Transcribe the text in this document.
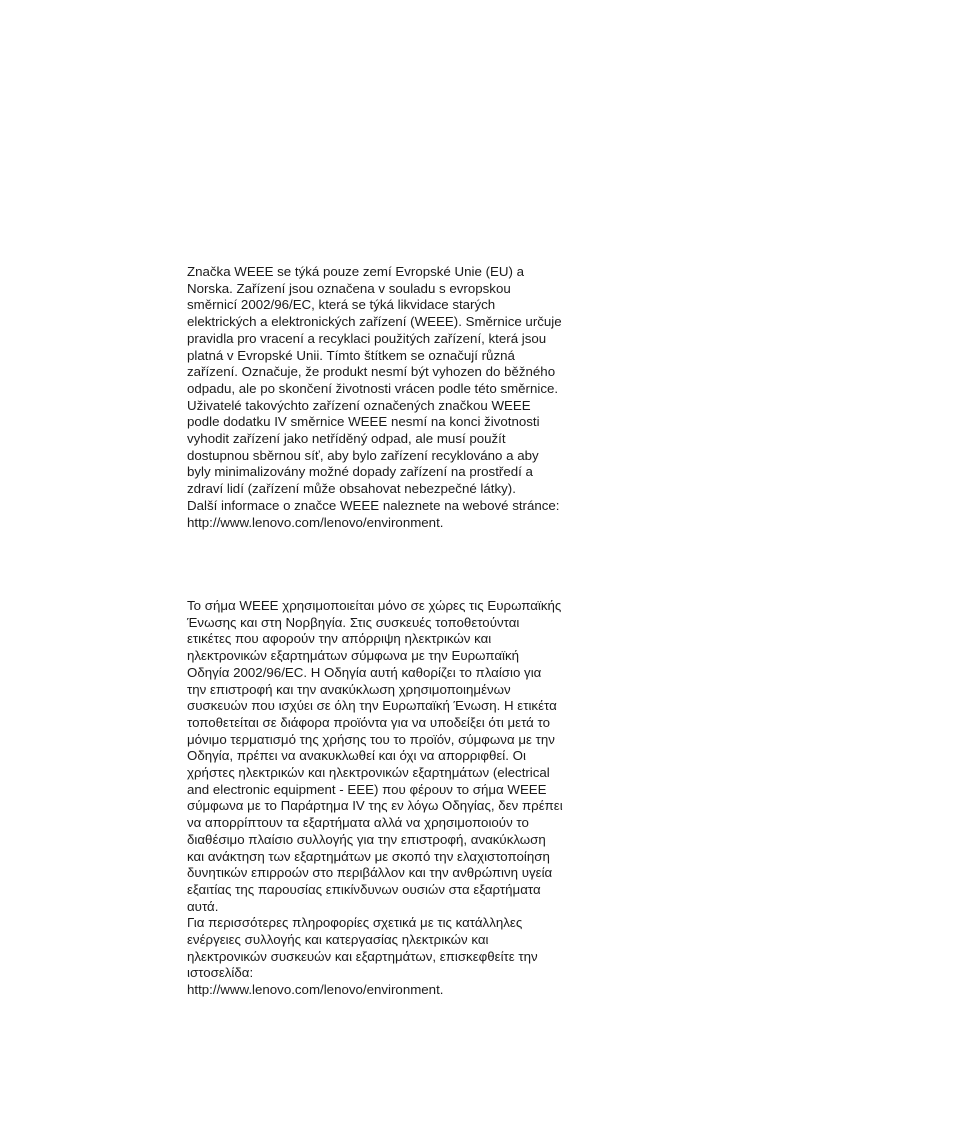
Značka WEEE se týká pouze zemí Evropské Unie (EU) a
Norska. Zařízení jsou označena v souladu s evropskou
směrnicí 2002/96/EC, která se týká likvidace starých
elektrických a elektronických zařízení (WEEE). Směrnice určuje
pravidla pro vracení a recyklaci použitých zařízení, která jsou
platná v Evropské Unii. Tímto štítkem se označují různá
zařízení. Označuje, že produkt nesmí být vyhozen do běžného
odpadu, ale po skončení životnosti vrácen podle této směrnice.
Uživatelé takovýchto zařízení označených značkou WEEE
podle dodatku IV směrnice WEEE nesmí na konci životnosti
vyhodit zařízení jako netříděný odpad, ale musí použít
dostupnou sběrnou síť, aby bylo zařízení recyklováno a aby
byly minimalizovány možné dopady zařízení na prostředí a
zdraví lidí (zařízení může obsahovat nebezpečné látky).
Další informace o značce WEEE naleznete na webové stránce:
http://www.lenovo.com/lenovo/environment.
Το σήμα WEEE χρησιμοποιείται μόνο σε χώρες τις Ευρωπαϊκής
Ένωσης και στη Νορβηγία. Στις συσκευές τοποθετούνται
ετικέτες που αφορούν την απόρριψη ηλεκτρικών και
ηλεκτρονικών εξαρτημάτων σύμφωνα με την Ευρωπαϊκή
Οδηγία 2002/96/EC. Η Οδηγία αυτή καθορίζει το πλαίσιο για
την επιστροφή και την ανακύκλωση χρησιμοποιημένων
συσκευών που ισχύει σε όλη την Ευρωπαϊκή Ένωση. Η ετικέτα
τοποθετείται σε διάφορα προϊόντα για να υποδείξει ότι μετά το
μόνιμο τερματισμό της χρήσης του το προϊόν, σύμφωνα με την
Οδηγία, πρέπει να ανακυκλωθεί και όχι να απορριφθεί. Οι
χρήστες ηλεκτρικών και ηλεκτρονικών εξαρτημάτων (electrical
and electronic equipment - EEE) που φέρουν το σήμα WEEE
σύμφωνα με το Παράρτημα IV της εν λόγω Οδηγίας, δεν πρέπει
να απορρίπτουν τα εξαρτήματα αλλά να χρησιμοποιούν το
διαθέσιμο πλαίσιο συλλογής για την επιστροφή, ανακύκλωση
και ανάκτηση των εξαρτημάτων με σκοπό την ελαχιστοποίηση
δυνητικών επιρροών στο περιβάλλον και την ανθρώπινη υγεία
εξαιτίας της παρουσίας επικίνδυνων ουσιών στα εξαρτήματα
αυτά.
Για περισσότερες πληροφορίες σχετικά με τις κατάλληλες
ενέργειες συλλογής και κατεργασίας ηλεκτρικών και
ηλεκτρονικών συσκευών και εξαρτημάτων, επισκεφθείτε την
ιστοσελίδα:
http://www.lenovo.com/lenovo/environment.
